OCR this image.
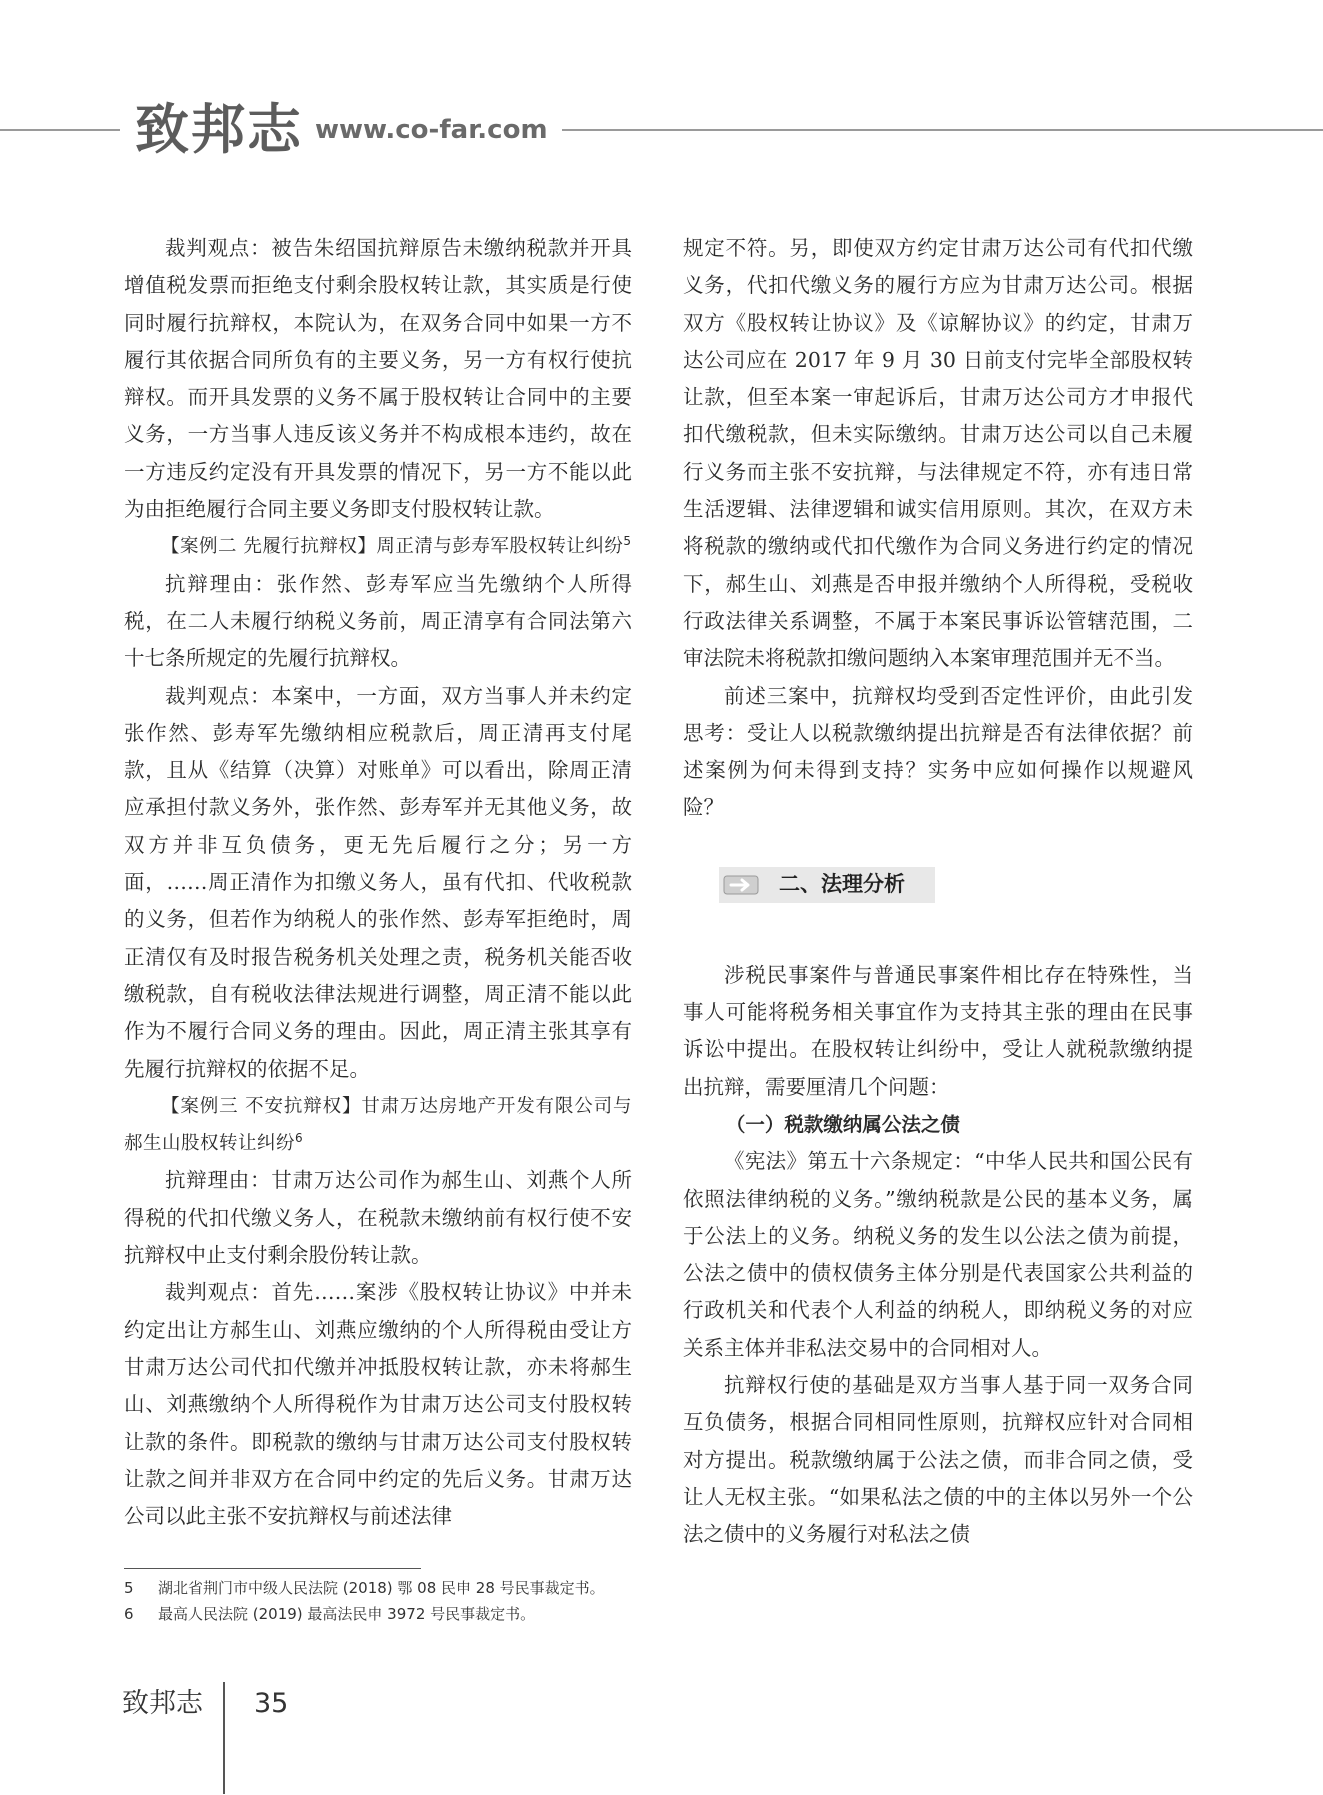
致邦志 www.co-far.com

裁判观点：被告朱绍国抗辩原告未缴纳税款并开具增值税发票而拒绝支付剩余股权转让款，其实质是行使同时履行抗辩权，本院认为，在双务合同中如果一方不履行其依据合同所负有的主要义务，另一方有权行使抗辩权。而开具发票的义务不属于股权转让合同中的主要义务，一方当事人违反该义务并不构成根本违约，故在一方违反约定没有开具发票的情况下，另一方不能以此为由拒绝履行合同主要义务即支付股权转让款。

【案例二 先履行抗辩权】周正清与彭寿军股权转让纠纷$^5$

抗辩理由：张作然、彭寿军应当先缴纳个人所得税，在二人未履行纳税义务前，周正清享有合同法第六十七条所规定的先履行抗辩权。

裁判观点：本案中，一方面，双方当事人并未约定张作然、彭寿军先缴纳相应税款后，周正清再支付尾款，且从《结算（决算）对账单》可以看出，除周正清应承担付款义务外，张作然、彭寿军并无其他义务，故双方并非互负债务，更无先后履行之分；另一方面，……周正清作为扣缴义务人，虽有代扣、代收税款的义务，但若作为纳税人的张作然、彭寿军拒绝时，周正清仅有及时报告税务机关处理之责，税务机关能否收缴税款，自有税收法律法规进行调整，周正清不能以此作为不履行合同义务的理由。因此，周正清主张其享有先履行抗辩权的依据不足。

【案例三 不安抗辩权】甘肃万达房地产开发有限公司与郝生山股权转让纠纷$^6$

抗辩理由：甘肃万达公司作为郝生山、刘燕个人所得税的代扣代缴义务人，在税款未缴纳前有权行使不安抗辩权中止支付剩余股份转让款。

裁判观点：首先……案涉《股权转让协议》中并未约定出让方郝生山、刘燕应缴纳的个人所得税由受让方甘肃万达公司代扣代缴并冲抵股权转让款，亦未将郝生山、刘燕缴纳个人所得税作为甘肃万达公司支付股权转让款的条件。即税款的缴纳与甘肃万达公司支付股权转让款之间并非双方在合同中约定的先后义务。甘肃万达公司以此主张不安抗辩权与前述法律

规定不符。另，即使双方约定甘肃万达公司有代扣代缴义务，代扣代缴义务的履行方应为甘肃万达公司。根据双方《股权转让协议》及《谅解协议》的约定，甘肃万达公司应在 2017 年 9 月 30 日前支付完毕全部股权转让款，但至本案一审起诉后，甘肃万达公司方才申报代扣代缴税款，但未实际缴纳。甘肃万达公司以自己未履行义务而主张不安抗辩，与法律规定不符，亦有违日常生活逻辑、法律逻辑和诚实信用原则。其次，在双方未将税款的缴纳或代扣代缴作为合同义务进行约定的情况下，郝生山、刘燕是否申报并缴纳个人所得税，受税收行政法律关系调整，不属于本案民事诉讼管辖范围，二审法院未将税款扣缴问题纳入本案审理范围并无不当。

前述三案中，抗辩权均受到否定性评价，由此引发思考：受让人以税款缴纳提出抗辩是否有法律依据？前述案例为何未得到支持？实务中应如何操作以规避风险？

二、法理分析

涉税民事案件与普通民事案件相比存在特殊性，当事人可能将税务相关事宜作为支持其主张的理由在民事诉讼中提出。在股权转让纠纷中，受让人就税款缴纳提出抗辩，需要厘清几个问题：

（一）税款缴纳属公法之债

《宪法》第五十六条规定：“中华人民共和国公民有依照法律纳税的义务。”缴纳税款是公民的基本义务，属于公法上的义务。纳税义务的发生以公法之债为前提，公法之债中的债权债务主体分别是代表国家公共利益的行政机关和代表个人利益的纳税人，即纳税义务的对应关系主体并非私法交易中的合同相对人。

抗辩权行使的基础是双方当事人基于同一双务合同互负债务，根据合同相同性原则，抗辩权应针对合同相对方提出。税款缴纳属于公法之债，而非合同之债，受让人无权主张。“如果私法之债的中的主体以另外一个公法之债中的义务履行对私法之债

5 湖北省荆门市中级人民法院 (2018) 鄂 08 民申 28 号民事裁定书。
6 最高人民法院 (2019) 最高法民申 3972 号民事裁定书。
致邦志 35
